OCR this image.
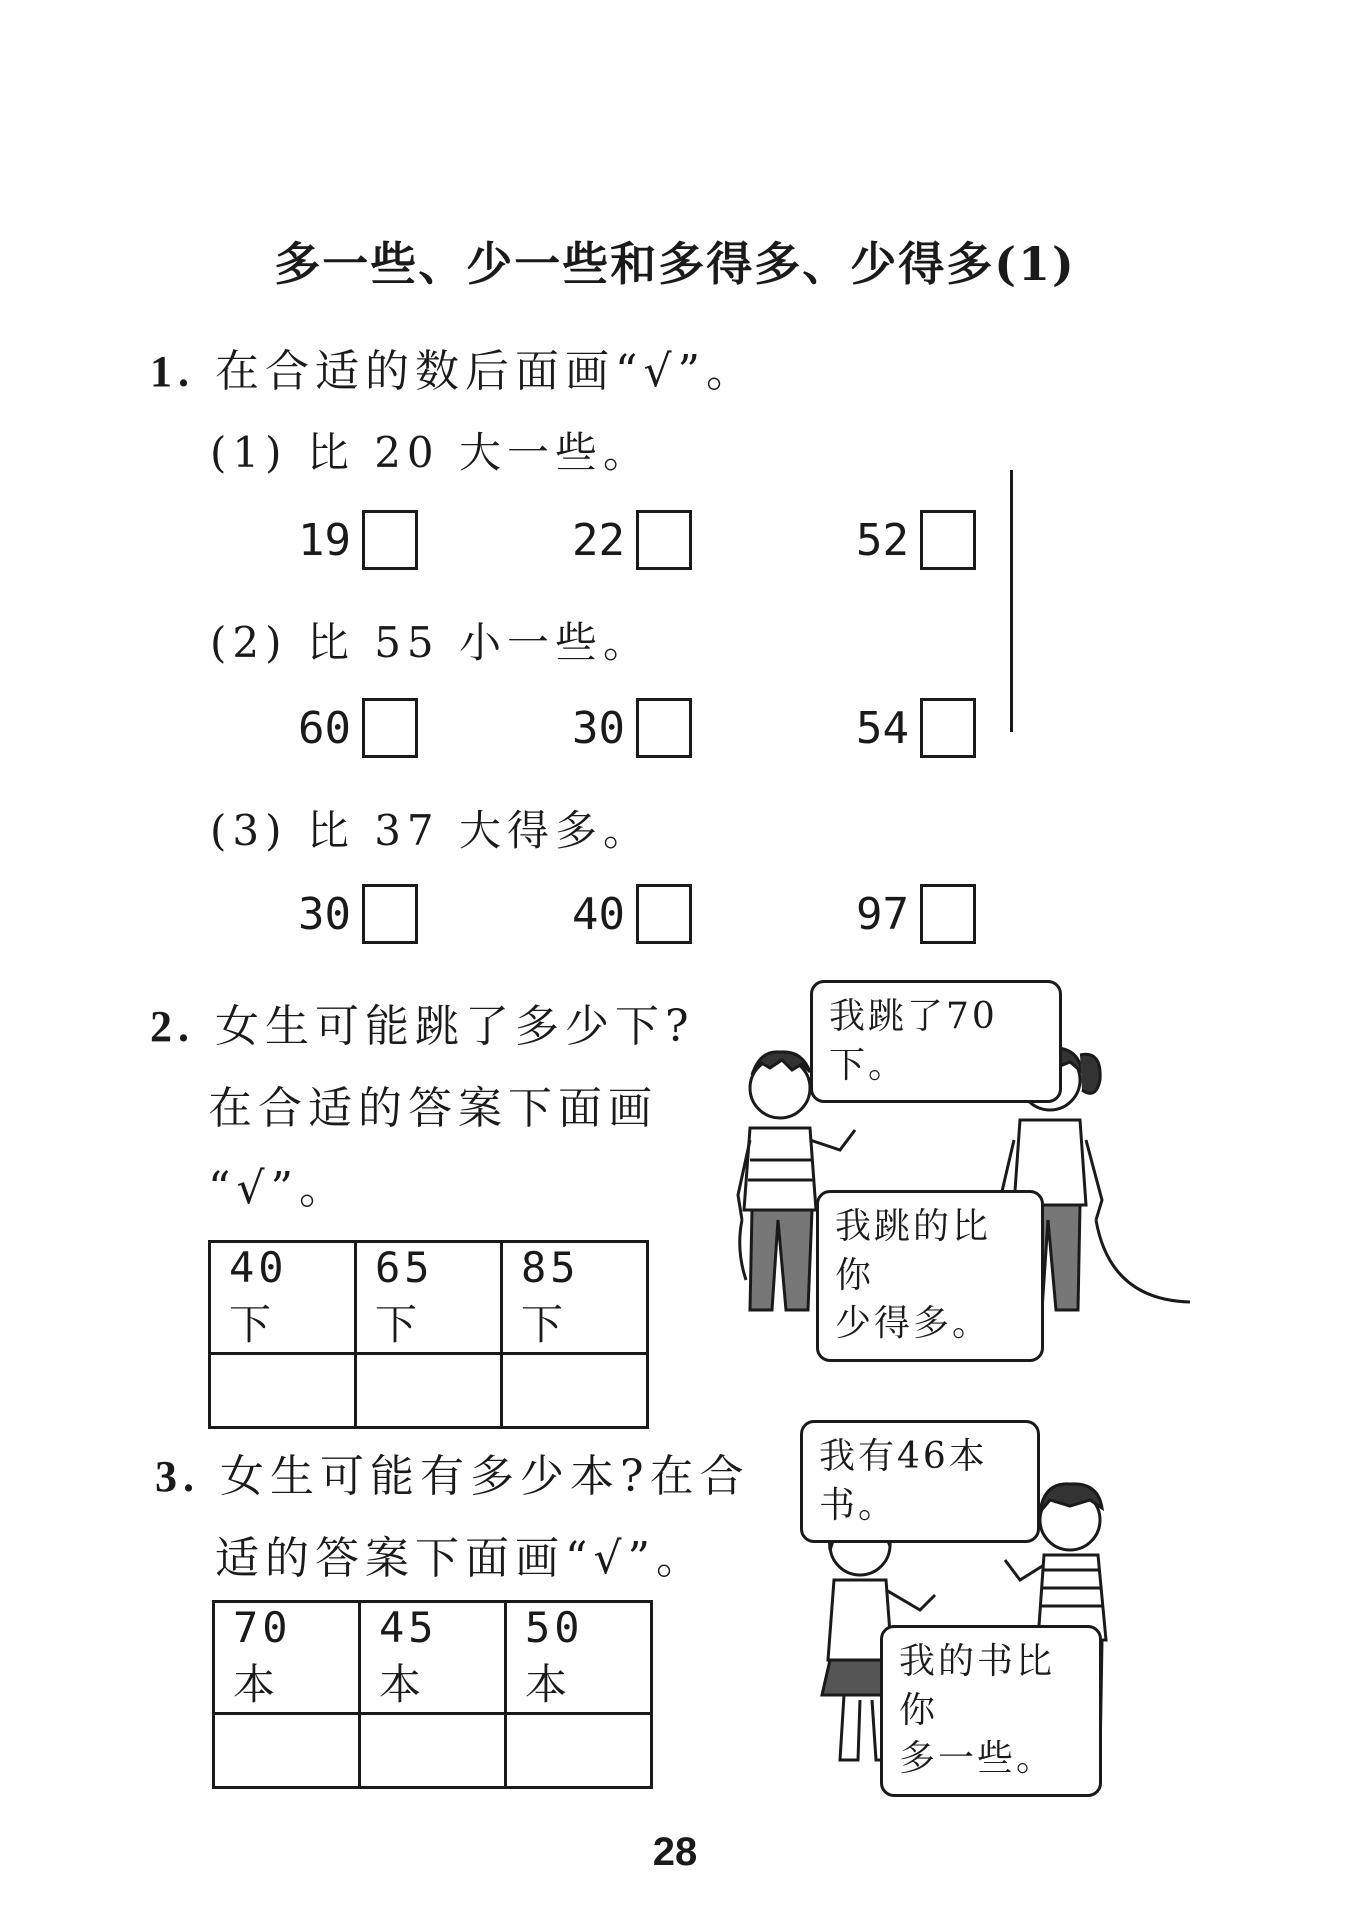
多一些、少一些和多得多、少得多(1)
1. 在合适的数后面画“√”。
(1) 比 20 大一些。
19	22	52
(2) 比 55 小一些。
60	30	54
(3) 比 37 大得多。
30	40	97
2. 女生可能跳了多少下?
在合适的答案下面画
“√”。
40 下	65 下	85 下

我跳了70下。
我跳的比你
少得多。
3. 女生可能有多少本?在合
适的答案下面画“√”。
70 本	45 本	50 本

我有46本书。
我的书比你
多一些。
28
